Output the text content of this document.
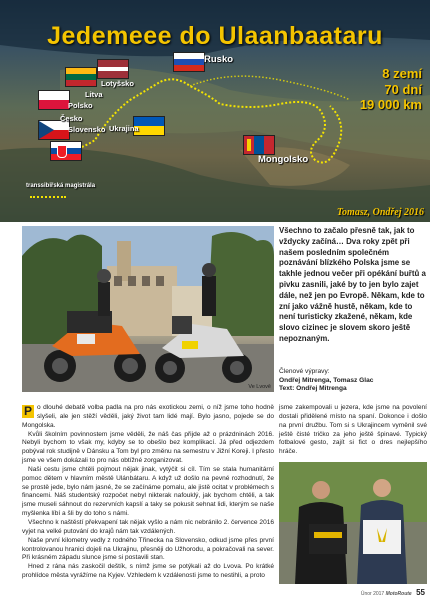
Jedemeee do Ulaanbaataru
8 zemí
70 dní
19 000 km
Rusko
Lotyšsko
Litva
Polsko
Česko
Slovensko Ukrajina
Mongolsko
transsibiřská magistrála
Tomasz, Ondřej 2016
Ve Lvově

Všechno to začalo přesně tak, jak to vždycky začíná… Dva roky zpět při našem posledním společném poznávání blízkého Polska jsme se takhle jednou večer při opékání buřtů a pivku zasnili, jaké by to jen bylo zajet dále, než jen po Evropě. Někam, kde to zní jako vážně hustě, někam, kde to není turisticky zkažené, někam, kde slovo cizinec je slovem skoro ještě nepoznaným.

Členové výpravy:

Ondřej Mitrenga, Tomasz Glac

Text: Ondřej Mitrenga

P o dlouhé debatě volba padla na pro nás exotickou zemi, o níž jsme toho hodně slyšeli, ale jen stěží věděli, jaký život tam lidé mají. Bylo jasno, pojede se do Mongolska.

Kvůli školním povinnostem jsme věděli, že náš čas přijde až o prázdninách 2016. Nebyli bychom to však my, kdyby se to obešlo bez komplikací. Já před odjezdem pobýval rok studijně v Dánsku a Tom byl pro změnu na semestru v Jižní Koreji. I přesto jsme ve všem dokázali to pro nás obtížné zorganizovat.

Naši cestu jsme chtěli pojmout nějak jinak, vytýčit si cíl. Tím se stala humanitární pomoc dětem v hlavním městě Ulánbátaru. A když už došlo na pevné rozhodnutí, že se prostě jede, bylo nám jasné, že se začínáme pomalu, ale jistě ocitat v problémech s financemi. Náš studentský rozpočet nebyl nikterak nafouklý, jak bychom chtěli, a tak jsme museli sáhnout do rezervních kapslí a taky se pokusit sehnat lidi, kterým se naše myšlenka líbí a šli by do toho s námi.

Všechno k naštěstí překvapení tak nějak vyšlo a nám nic nebránilo 2. července 2016 vyjet na velké putování do krajů nám tak vzdálených.

Naše první kilometry vedly z rodného Třinecka na Slovensko, odkud jsme přes první kontrolovanou hranici dojeli na Ukrajinu, přesněji do Užhorodu, a pokračovali na sever. Při krásném západu slunce jsme si postavili stan.

Hned z rána nás zaskočil deštík, s nímž jsme se potýkali až do Lvova. Po krátké prohlídce města vyrážíme na Kyjev. Vzhledem k vzdálenosti jsme to nestihli, a proto

jsme zakempovali u jezera, kde jsme na povolení dostali přidělené místo na spaní. Dokonce i došlo na první družbu. Tom si s Ukrajincem vyměnil své ještě čisté tričko za jeho ještě špinavé. Typický fotbalové gesto, zajít si fict o dres nejlepšího hráče.

Únor 2017 MotoRoute 55
